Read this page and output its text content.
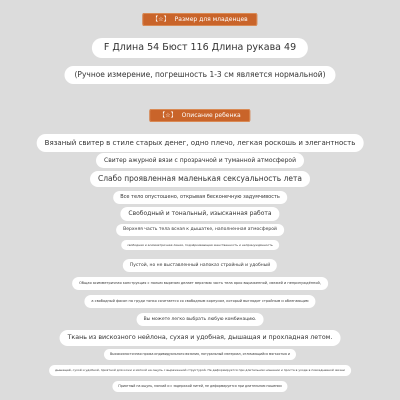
【☆】 Размер для младенцев
F Длина 54 Бюст 116 Длина рукава 49
(Ручное измерение, погрешность 1-3 см является нормальной)
【☆】 Описание ребенка
Вязаный свитер в стиле старых денег, одно плечо, легкая роскошь и элегантность
Свитер ажурной вязи с прозрачной и туманной атмосферой
Слабо проявленная маленькая сексуальность лета
Все тело опустошено, открывая бесконечную задумчивость
Свободный и тональный, изысканная работа
Верхняя часть тела всная к дышатке, наполненная атмосферой
свободная и асимметричная линия, подчёркивающая женственность и непринуждённость
Пустой, но не выставленный напоказ стройный и удобный
Общая асимметричная конструкция с полым вырезом делает верхнюю часть тела ярко выраженной, свежей и непринуждённой,
а свободный фасон на груди тонко сочетается со свободным корпусом, который выглядит стройным и облегающим
Вы можете легко выбрать любую комбинацию.
Ткань из вискозного нейлона, сухая и удобная, дышащая и прохладная летом.
Высокоэластичная пряжа индивидуального вязания, натуральный материал, отличающийся мягкостью и
дышащей, сухой и удобной, приятной для кожи и мягкой на ощупь с выраженной структурой. Не деформируется при длительном ношении и проста в уходе в повседневной жизни
Приятный на ощупь, мягкий и с задержкой нитей, не деформируется при длительном ношении
